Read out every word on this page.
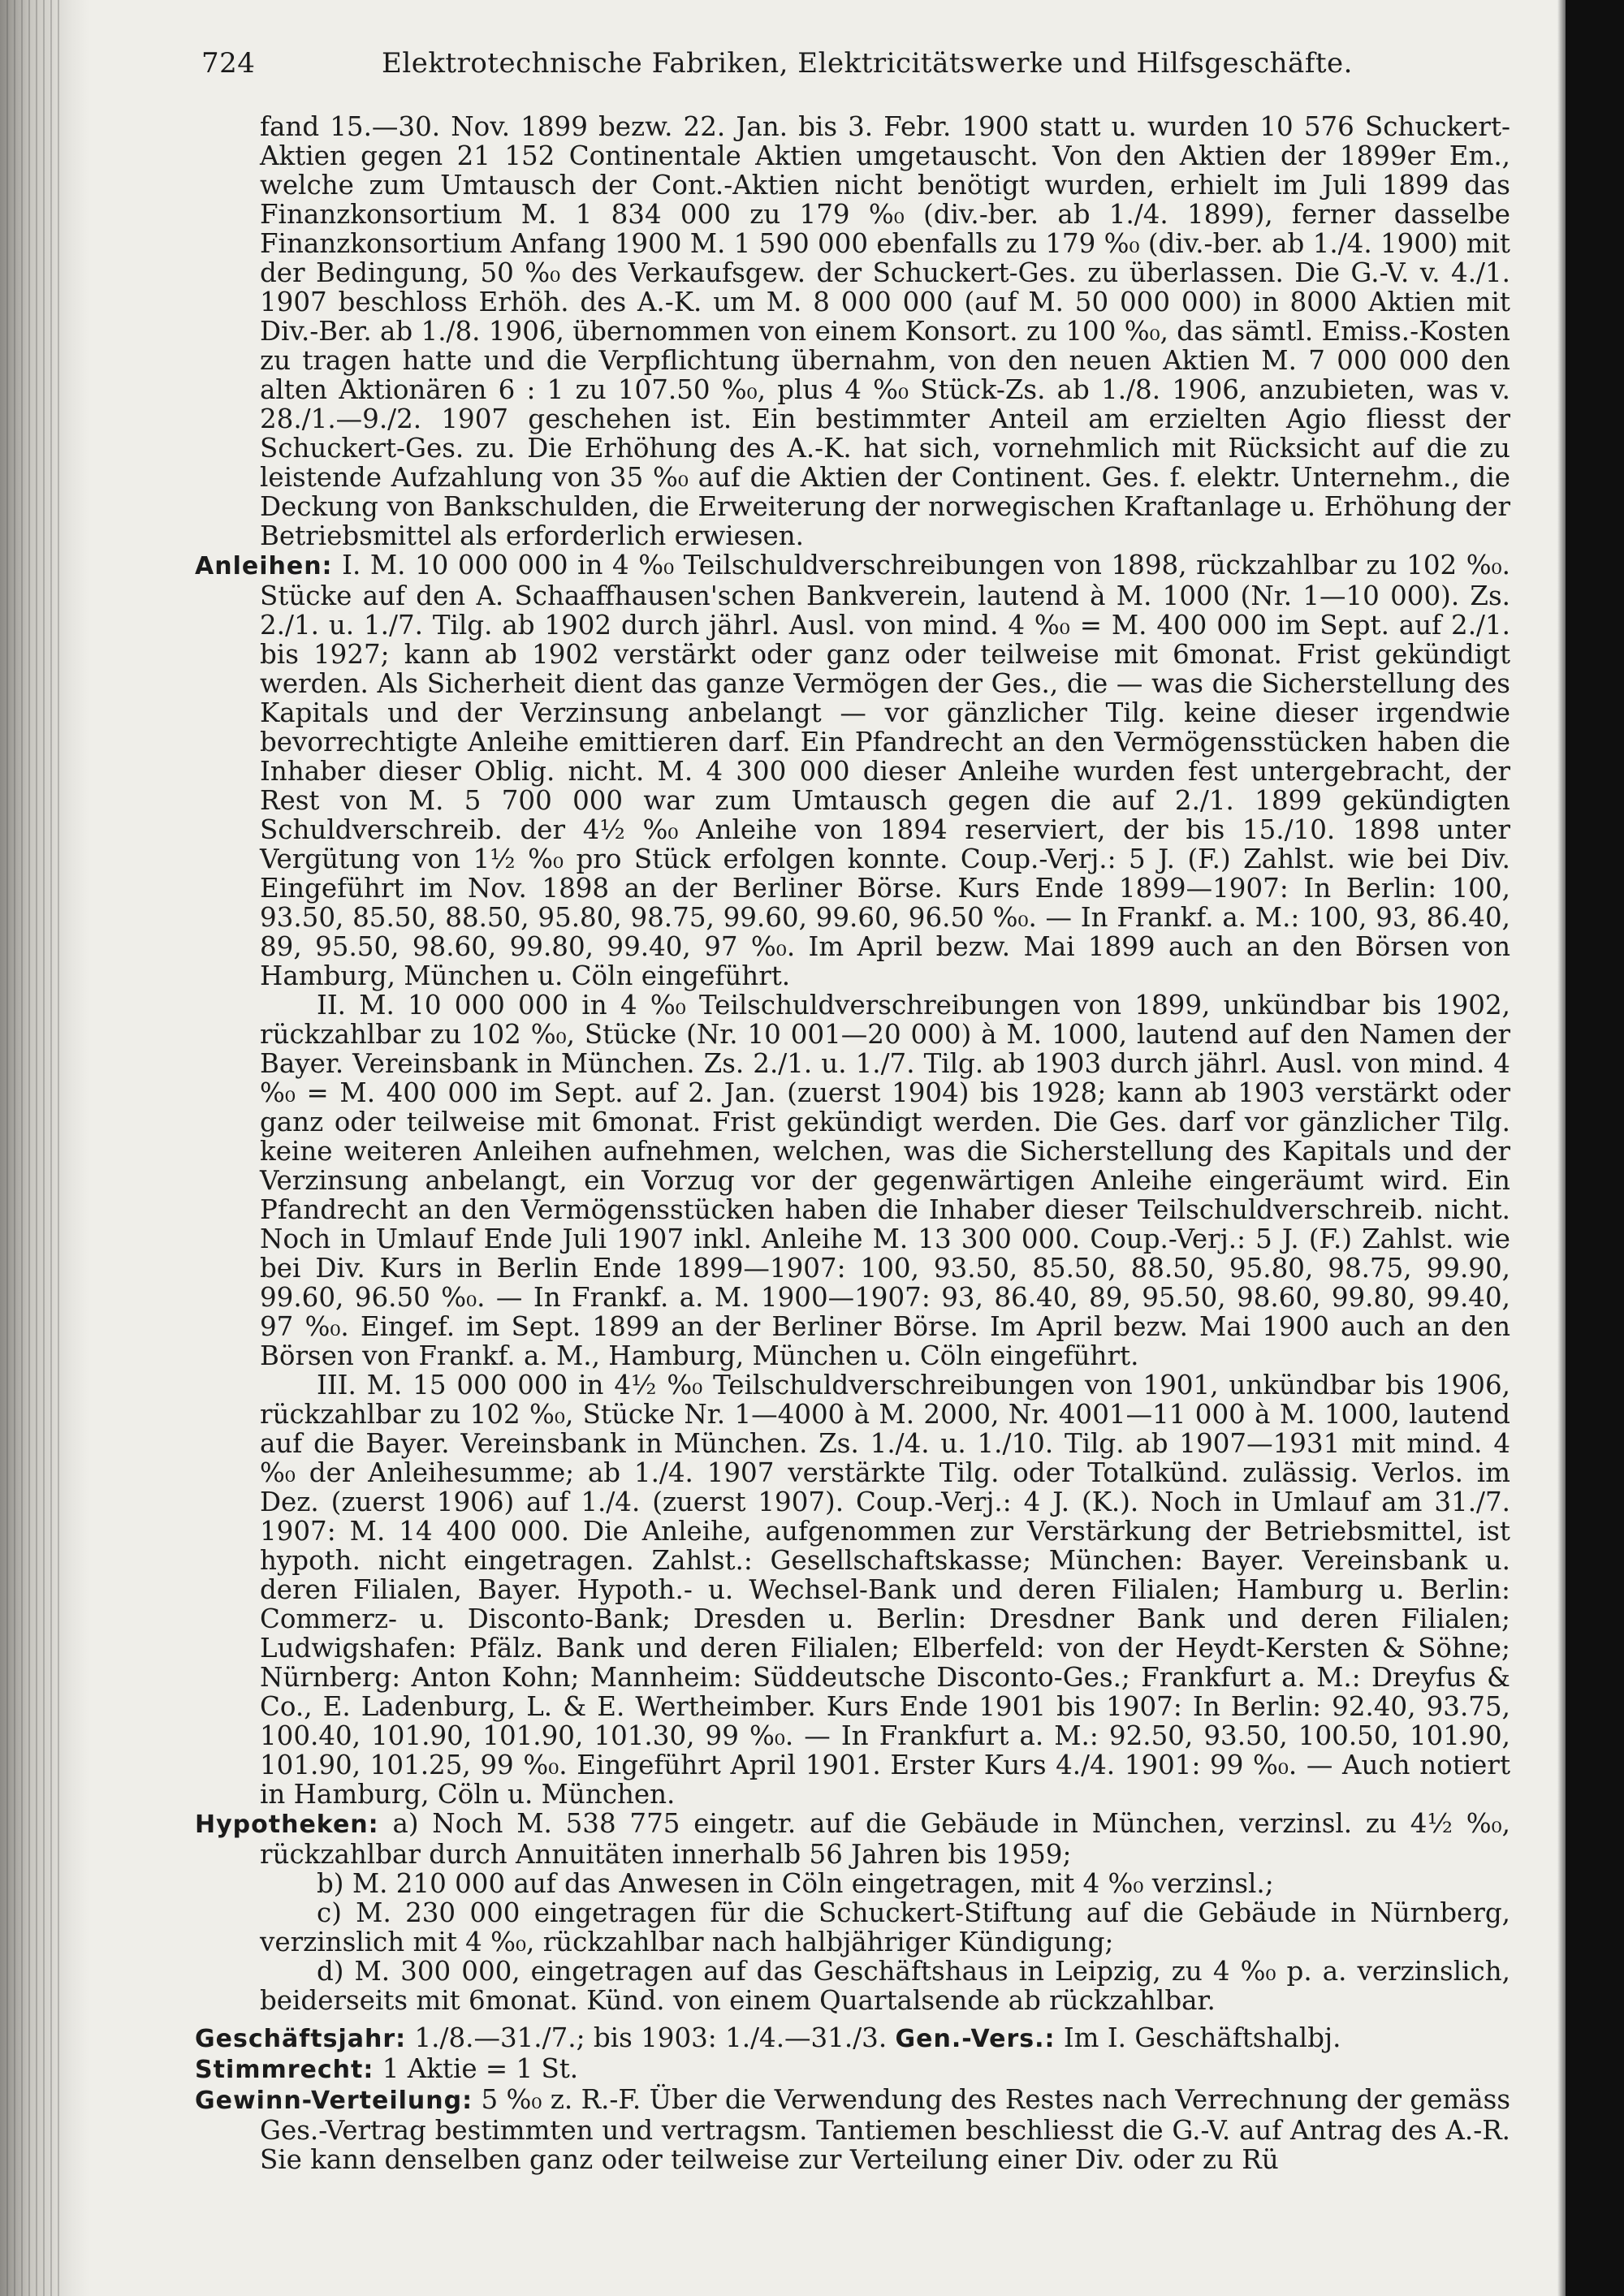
724	Elektrotechnische Fabriken, Elektricitätswerke und Hilfsgeschäfte.

fand 15.—30. Nov. 1899 bezw. 22. Jan. bis 3. Febr. 1900 statt u. wurden 10 576 Schuckert-Aktien gegen 21 152 Continentale Aktien umgetauscht. Von den Aktien der 1899er Em., welche zum Umtausch der Cont.-Aktien nicht benötigt wurden, erhielt im Juli 1899 das Finanzkonsortium M. 1 834 000 zu 179 %₀ (div.-ber. ab 1./4. 1899), ferner dasselbe Finanzkonsortium Anfang 1900 M. 1 590 000 ebenfalls zu 179 %₀ (div.-ber. ab 1./4. 1900) mit der Bedingung, 50 %₀ des Verkaufsgew. der Schuckert-Ges. zu überlassen. Die G.-V. v. 4./1. 1907 beschloss Erhöh. des A.-K. um M. 8 000 000 (auf M. 50 000 000) in 8000 Aktien mit Div.-Ber. ab 1./8. 1906, übernommen von einem Konsort. zu 100 %₀, das sämtl. Emiss.-Kosten zu tragen hatte und die Verpflichtung übernahm, von den neuen Aktien M. 7 000 000 den alten Aktionären 6 : 1 zu 107.50 %₀, plus 4 %₀ Stück-Zs. ab 1./8. 1906, anzubieten, was v. 28./1.—9./2. 1907 geschehen ist. Ein bestimmter Anteil am erzielten Agio fliesst der Schuckert-Ges. zu. Die Erhöhung des A.-K. hat sich, vornehmlich mit Rücksicht auf die zu leistende Aufzahlung von 35 %₀ auf die Aktien der Continent. Ges. f. elektr. Unternehm., die Deckung von Bankschulden, die Erweiterung der norwegischen Kraftanlage u. Erhöhung der Betriebsmittel als erforderlich erwiesen.

Anleihen: I. M. 10 000 000 in 4 %₀ Teilschuldverschreibungen von 1898, rückzahlbar zu 102 %₀. Stücke auf den A. Schaaffhausen'schen Bankverein, lautend à M. 1000 (Nr. 1—10 000). Zs. 2./1. u. 1./7. Tilg. ab 1902 durch jährl. Ausl. von mind. 4 %₀ = M. 400 000 im Sept. auf 2./1. bis 1927; kann ab 1902 verstärkt oder ganz oder teilweise mit 6monat. Frist gekündigt werden. Als Sicherheit dient das ganze Vermögen der Ges., die — was die Sicherstellung des Kapitals und der Verzinsung anbelangt — vor gänzlicher Tilg. keine dieser irgendwie bevorrechtigte Anleihe emittieren darf. Ein Pfandrecht an den Vermögensstücken haben die Inhaber dieser Oblig. nicht. M. 4 300 000 dieser Anleihe wurden fest untergebracht, der Rest von M. 5 700 000 war zum Umtausch gegen die auf 2./1. 1899 gekündigten Schuldverschreib. der 4½ %₀ Anleihe von 1894 reserviert, der bis 15./10. 1898 unter Vergütung von 1½ %₀ pro Stück erfolgen konnte. Coup.-Verj.: 5 J. (F.) Zahlst. wie bei Div. Eingeführt im Nov. 1898 an der Berliner Börse. Kurs Ende 1899—1907: In Berlin: 100, 93.50, 85.50, 88.50, 95.80, 98.75, 99.60, 99.60, 96.50 %₀. — In Frankf. a. M.: 100, 93, 86.40, 89, 95.50, 98.60, 99.80, 99.40, 97 %₀. Im April bezw. Mai 1899 auch an den Börsen von Hamburg, München u. Cöln eingeführt.

II. M. 10 000 000 in 4 %₀ Teilschuldverschreibungen von 1899, unkündbar bis 1902, rückzahlbar zu 102 %₀, Stücke (Nr. 10 001—20 000) à M. 1000, lautend auf den Namen der Bayer. Vereinsbank in München. Zs. 2./1. u. 1./7. Tilg. ab 1903 durch jährl. Ausl. von mind. 4 %₀ = M. 400 000 im Sept. auf 2. Jan. (zuerst 1904) bis 1928; kann ab 1903 verstärkt oder ganz oder teilweise mit 6monat. Frist gekündigt werden. Die Ges. darf vor gänzlicher Tilg. keine weiteren Anleihen aufnehmen, welchen, was die Sicherstellung des Kapitals und der Verzinsung anbelangt, ein Vorzug vor der gegenwärtigen Anleihe eingeräumt wird. Ein Pfandrecht an den Vermögensstücken haben die Inhaber dieser Teilschuldverschreib. nicht. Noch in Umlauf Ende Juli 1907 inkl. Anleihe M. 13 300 000. Coup.-Verj.: 5 J. (F.) Zahlst. wie bei Div. Kurs in Berlin Ende 1899—1907: 100, 93.50, 85.50, 88.50, 95.80, 98.75, 99.90, 99.60, 96.50 %₀. — In Frankf. a. M. 1900—1907: 93, 86.40, 89, 95.50, 98.60, 99.80, 99.40, 97 %₀. Eingef. im Sept. 1899 an der Berliner Börse. Im April bezw. Mai 1900 auch an den Börsen von Frankf. a. M., Hamburg, München u. Cöln eingeführt.

III. M. 15 000 000 in 4½ %₀ Teilschuldverschreibungen von 1901, unkündbar bis 1906, rückzahlbar zu 102 %₀, Stücke Nr. 1—4000 à M. 2000, Nr. 4001—11 000 à M. 1000, lautend auf die Bayer. Vereinsbank in München. Zs. 1./4. u. 1./10. Tilg. ab 1907—1931 mit mind. 4 %₀ der Anleihesumme; ab 1./4. 1907 verstärkte Tilg. oder Totalkünd. zulässig. Verlos. im Dez. (zuerst 1906) auf 1./4. (zuerst 1907). Coup.-Verj.: 4 J. (K.). Noch in Umlauf am 31./7. 1907: M. 14 400 000. Die Anleihe, aufgenommen zur Verstärkung der Betriebsmittel, ist hypoth. nicht eingetragen. Zahlst.: Gesellschaftskasse; München: Bayer. Vereinsbank u. deren Filialen, Bayer. Hypoth.- u. Wechsel-Bank und deren Filialen; Hamburg u. Berlin: Commerz- u. Disconto-Bank; Dresden u. Berlin: Dresdner Bank und deren Filialen; Ludwigshafen: Pfälz. Bank und deren Filialen; Elberfeld: von der Heydt-Kersten & Söhne; Nürnberg: Anton Kohn; Mannheim: Süddeutsche Disconto-Ges.; Frankfurt a. M.: Dreyfus & Co., E. Ladenburg, L. & E. Wertheimber. Kurs Ende 1901 bis 1907: In Berlin: 92.40, 93.75, 100.40, 101.90, 101.90, 101.30, 99 %₀. — In Frankfurt a. M.: 92.50, 93.50, 100.50, 101.90, 101.90, 101.25, 99 %₀. Eingeführt April 1901. Erster Kurs 4./4. 1901: 99 %₀. — Auch notiert in Hamburg, Cöln u. München.

Hypotheken: a) Noch M. 538 775 eingetr. auf die Gebäude in München, verzinsl. zu 4½ %₀, rückzahlbar durch Annuitäten innerhalb 56 Jahren bis 1959;

b) M. 210 000 auf das Anwesen in Cöln eingetragen, mit 4 %₀ verzinsl.;

c) M. 230 000 eingetragen für die Schuckert-Stiftung auf die Gebäude in Nürnberg, verzinslich mit 4 %₀, rückzahlbar nach halbjähriger Kündigung;

d) M. 300 000, eingetragen auf das Geschäftshaus in Leipzig, zu 4 %₀ p. a. verzinslich, beiderseits mit 6monat. Künd. von einem Quartalsende ab rückzahlbar.

Geschäftsjahr: 1./8.—31./7.; bis 1903: 1./4.—31./3. Gen.-Vers.: Im I. Geschäftshalbj.

Stimmrecht: 1 Aktie = 1 St.

Gewinn-Verteilung: 5 %₀ z. R.-F. Über die Verwendung des Restes nach Verrechnung der gemäss Ges.-Vertrag bestimmten und vertragsm. Tantiemen beschliesst die G.-V. auf Antrag des A.-R. Sie kann denselben ganz oder teilweise zur Verteilung einer Div. oder zu Rü
